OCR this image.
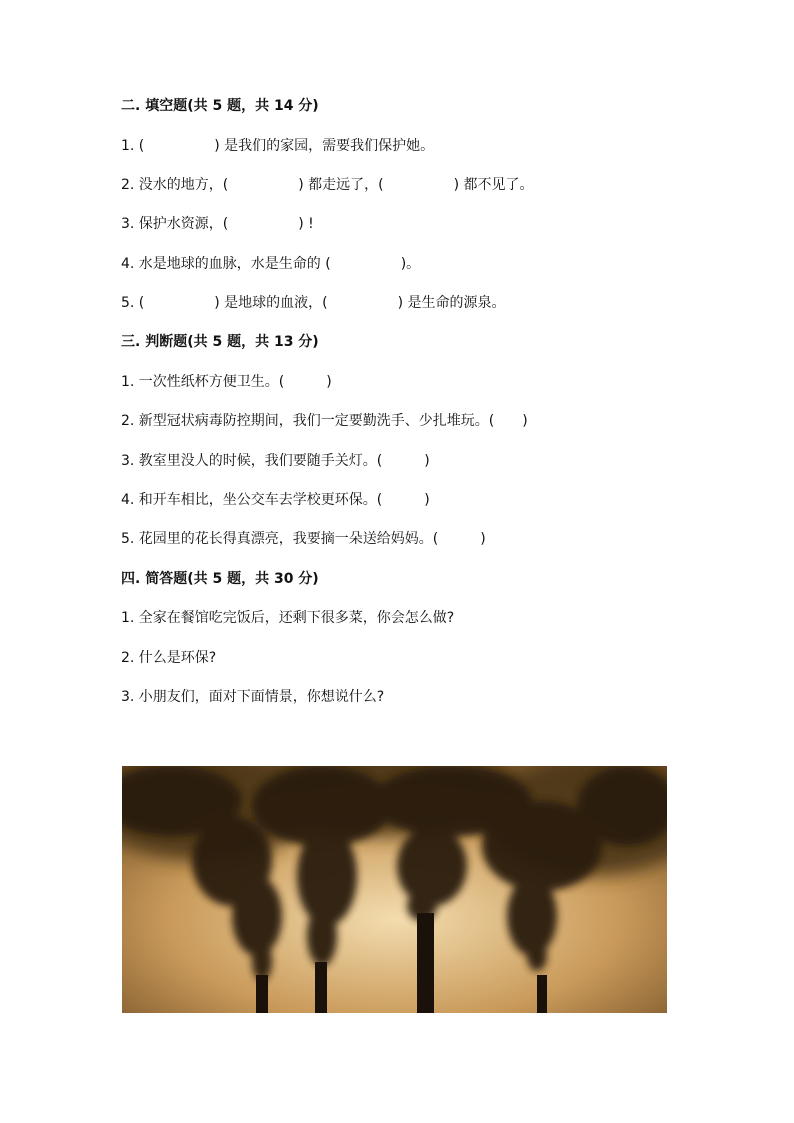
二. 填空题(共 5 题，共 14 分)
1. (　　　　　) 是我们的家园，需要我们保护她。
2. 没水的地方，(　　　　　) 都走远了，(　　　　　) 都不见了。
3. 保护水资源，(　　　　　) !
4. 水是地球的血脉，水是生命的 (　　　　　)。
5. (　　　　　) 是地球的血液，(　　　　　) 是生命的源泉。
三. 判断题(共 5 题，共 13 分)
1. 一次性纸杯方便卫生。(　　　)
2. 新型冠状病毒防控期间，我们一定要勤洗手、少扎堆玩。(　　)
3. 教室里没人的时候，我们要随手关灯。(　　　)
4. 和开车相比，坐公交车去学校更环保。(　　　)
5. 花园里的花长得真漂亮，我要摘一朵送给妈妈。(　　　)
四. 简答题(共 5 题，共 30 分)
1. 全家在餐馆吃完饭后，还剩下很多菜，你会怎么做?
2. 什么是环保?
3. 小朋友们，面对下面情景，你想说什么?
